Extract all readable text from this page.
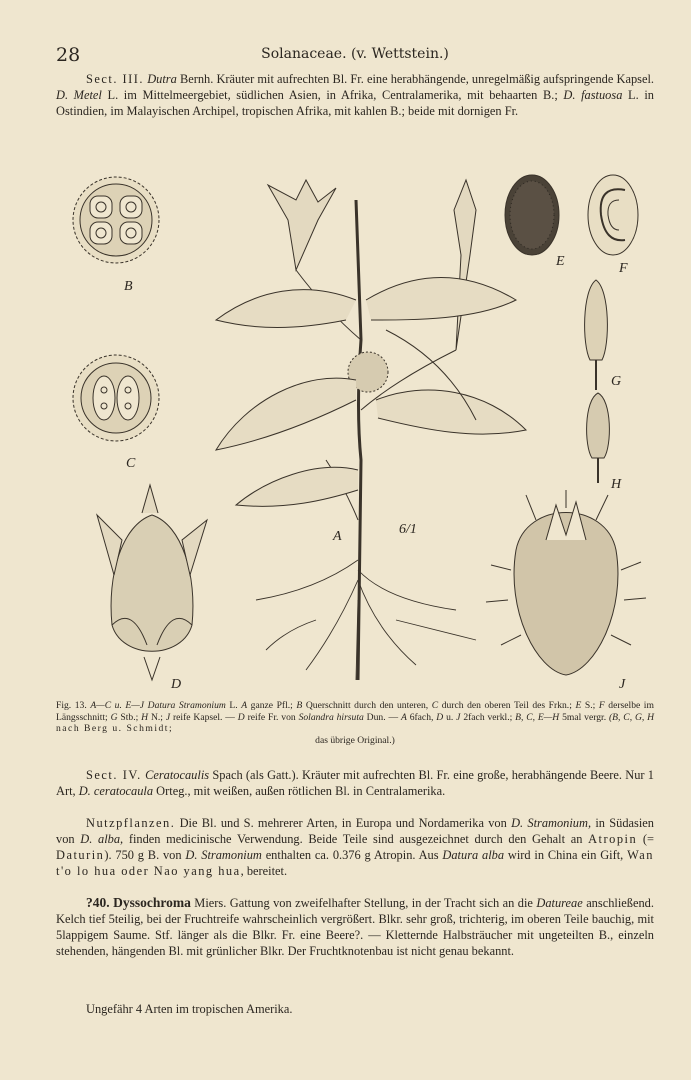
28	Solanaceae. (v. Wettstein.)
Sect. III. Dutra Bernh. Kräuter mit aufrechten Bl. Fr. eine herabhängende, unregelmäßig aufspringende Kapsel. D. Metel L. im Mittelmeergebiet, südlichen Asien, in Afrika, Centralamerika, mit behaarten B.; D. fastuosa L. in Ostindien, im Malayischen Archipel, tropischen Afrika, mit kahlen B.; beide mit dornigen Fr.
B
C
D
E	F
G
H
J
A	6/1
Fig. 13. A—C u. E—J Datura Stramonium L. A ganze Pfl.; B Querschnitt durch den unteren, C durch den oberen Teil des Frkn.; E S.; F derselbe im Längsschnitt; G Stb.; H N.; J reife Kapsel. — D reife Fr. von Solandra hirsuta Dun. — A 6fach, D u. J 2fach verkl.; B, C, E—H 5mal vergr. (B, C, G, H nach Berg u. Schmidt;
das übrige Original.)
Sect. IV. Ceratocaulis Spach (als Gatt.). Kräuter mit aufrechten Bl. Fr. eine große, herabhängende Beere. Nur 1 Art, D. ceratocaula Orteg., mit weißen, außen rötlichen Bl. in Centralamerika.
Nutzpflanzen. Die Bl. und S. mehrerer Arten, in Europa und Nordamerika von D. Stramonium, in Südasien von D. alba, finden medicinische Verwendung. Beide Teile sind ausgezeichnet durch den Gehalt an Atropin (= Daturin). 750 g B. von D. Stramonium enthalten ca. 0.376 g Atropin. Aus Datura alba wird in China ein Gift, Wan t'o lo hua oder Nao yang hua, bereitet.
?40. Dyssochroma Miers. Gattung von zweifelhafter Stellung, in der Tracht sich an die Datureae anschließend. Kelch tief 5teilig, bei der Fruchtreife wahrscheinlich vergrößert. Blkr. sehr groß, trichterig, im oberen Teile bauchig, mit 5lappigem Saume. Stf. länger als die Blkr. Fr. eine Beere?. — Kletternde Halbsträucher mit ungeteilten B., einzeln stehenden, hängenden Bl. mit grünlicher Blkr. Der Fruchtknotenbau ist nicht genau bekannt.
Ungefähr 4 Arten im tropischen Amerika.
